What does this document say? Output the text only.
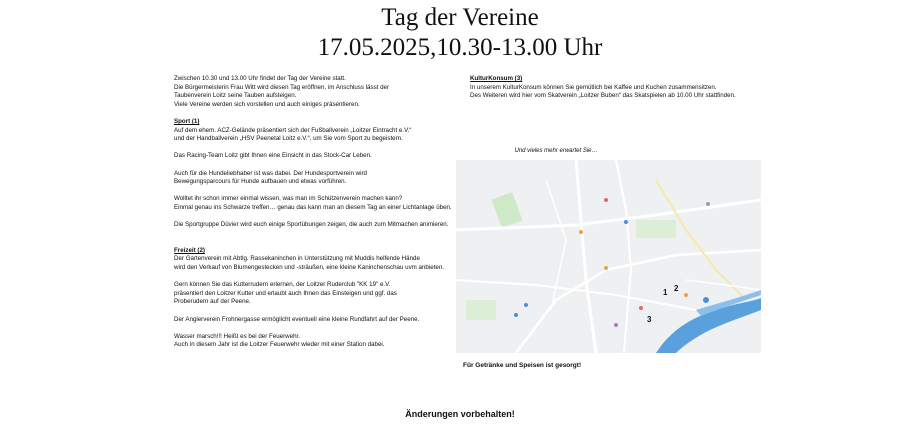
Tag der Vereine
17.05.2025,10.30-13.00 Uhr
Zwischen 10.30 und 13.00 Uhr findet der Tag der Vereine statt.
Die Bürgermeisterin Frau Witt wird diesen Tag eröffnen, im Anschluss lässt der
Taubenverein Loitz seine Tauben aufsteigen.
Viele Vereine werden sich vorstellen und auch einiges präsentieren.
Sport (1)
Auf dem ehem. ACZ-Gelände präsentiert sich der Fußballverein „Loitzer Eintracht e.V.“
und der Handballverein „HSV Peenetal Loitz e.V.“, um Sie vom Sport zu begeistern.
Das Racing-Team Loitz gibt Ihnen eine Einsicht in das Stock-Car Leben.
Auch für die Hundeliebhaber ist was dabei. Der Hundesportverein wird
Bewegungsparcours für Hunde aufbauen und etwas vorführen.
Wolltet ihr schon immer einmal wissen, was man im Schützenverein machen kann?
Einmal genau ins Schwarze treffen… genau das kann man an diesem Tag an einer Lichtanlage üben.
Die Sportgruppe Düvier wird euch einige Sportübungen zeigen, die auch zum Mitmachen animieren.
Freizeit (2)
Der Gartenverein mit Abtlg. Rassekaninchen in Unterstützung mit Muddis helfende Hände
wird den Verkauf von Blumengestecken und -sträußen, eine kleine Kaninchenschau uvm anbieten.
Gern können Sie das Kutterrudern erlernen, der Loitzer Ruderclub "KK 19" e.V.
präsentiert den Loitzer Kutter und erlaubt auch Ihnen das Einsteigen und ggf. das
Proberudern auf der Peene.
Der Anglerverein Frohnergasse ermöglicht eventuell eine kleine Rundfahrt auf der Peene.
Wasser marsch!!! Heißt es bei der Feuerwehr.
Auch in diesem Jahr ist die Loitzer Feuerwehr wieder mit einer Station dabei.
KulturKonsum (3)
In unserem KulturKonsum können Sie gemütlich bei Kaffee und Kuchen zusammensitzen.
Des Weiteren wird hier vom Skatverein „Loitzer Buben“ das Skatspielen ab 10.00 Uhr stattfinden.
Und vieles mehr erwartet Sie…
1 2
3
Für Getränke und Speisen ist gesorgt!
Änderungen vorbehalten!
